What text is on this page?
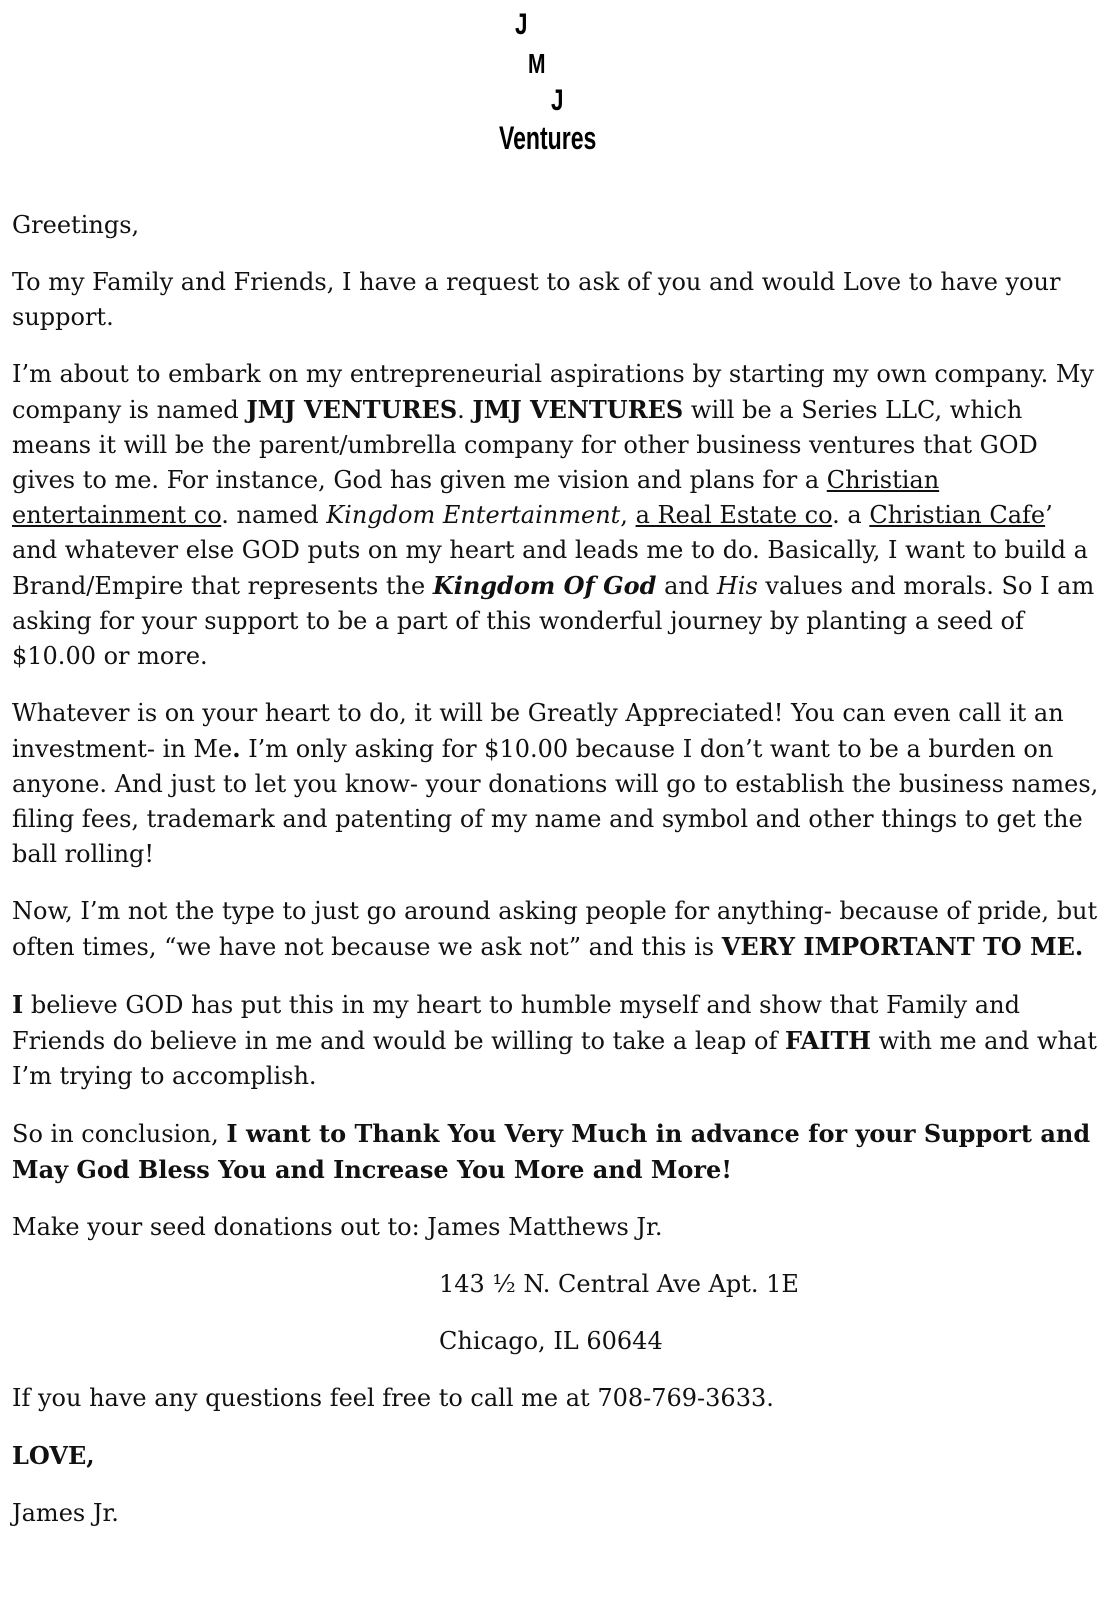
J
M
J
Ventures

Greetings,

To my Family and Friends, I have a request to ask of you and would Love to have your support.

I’m about to embark on my entrepreneurial aspirations by starting my own company. My company is named JMJ VENTURES. JMJ VENTURES will be a Series LLC, which means it will be the parent/umbrella company for other business ventures that GOD gives to me. For instance, God has given me vision and plans for a Christian entertainment co. named Kingdom Entertainment, a Real Estate co. a Christian Cafe’ and whatever else GOD puts on my heart and leads me to do. Basically, I want to build a Brand/Empire that represents the Kingdom Of God and His values and morals. So I am asking for your support to be a part of this wonderful journey by planting a seed of $10.00 or more.

Whatever is on your heart to do, it will be Greatly Appreciated! You can even call it an investment- in Me. I’m only asking for $10.00 because I don’t want to be a burden on anyone. And just to let you know- your donations will go to establish the business names, filing fees, trademark and patenting of my name and symbol and other things to get the ball rolling!

Now, I’m not the type to just go around asking people for anything- because of pride, but often times, “we have not because we ask not” and this is VERY IMPORTANT TO ME.

I believe GOD has put this in my heart to humble myself and show that Family and Friends do believe in me and would be willing to take a leap of FAITH with me and what I’m trying to accomplish.

So in conclusion, I want to Thank You Very Much in advance for your Support and May God Bless You and Increase You More and More!

Make your seed donations out to: James Matthews Jr.

143 ½ N. Central Ave Apt. 1E

Chicago, IL 60644

If you have any questions feel free to call me at 708-769-3633.

LOVE,

James Jr.
